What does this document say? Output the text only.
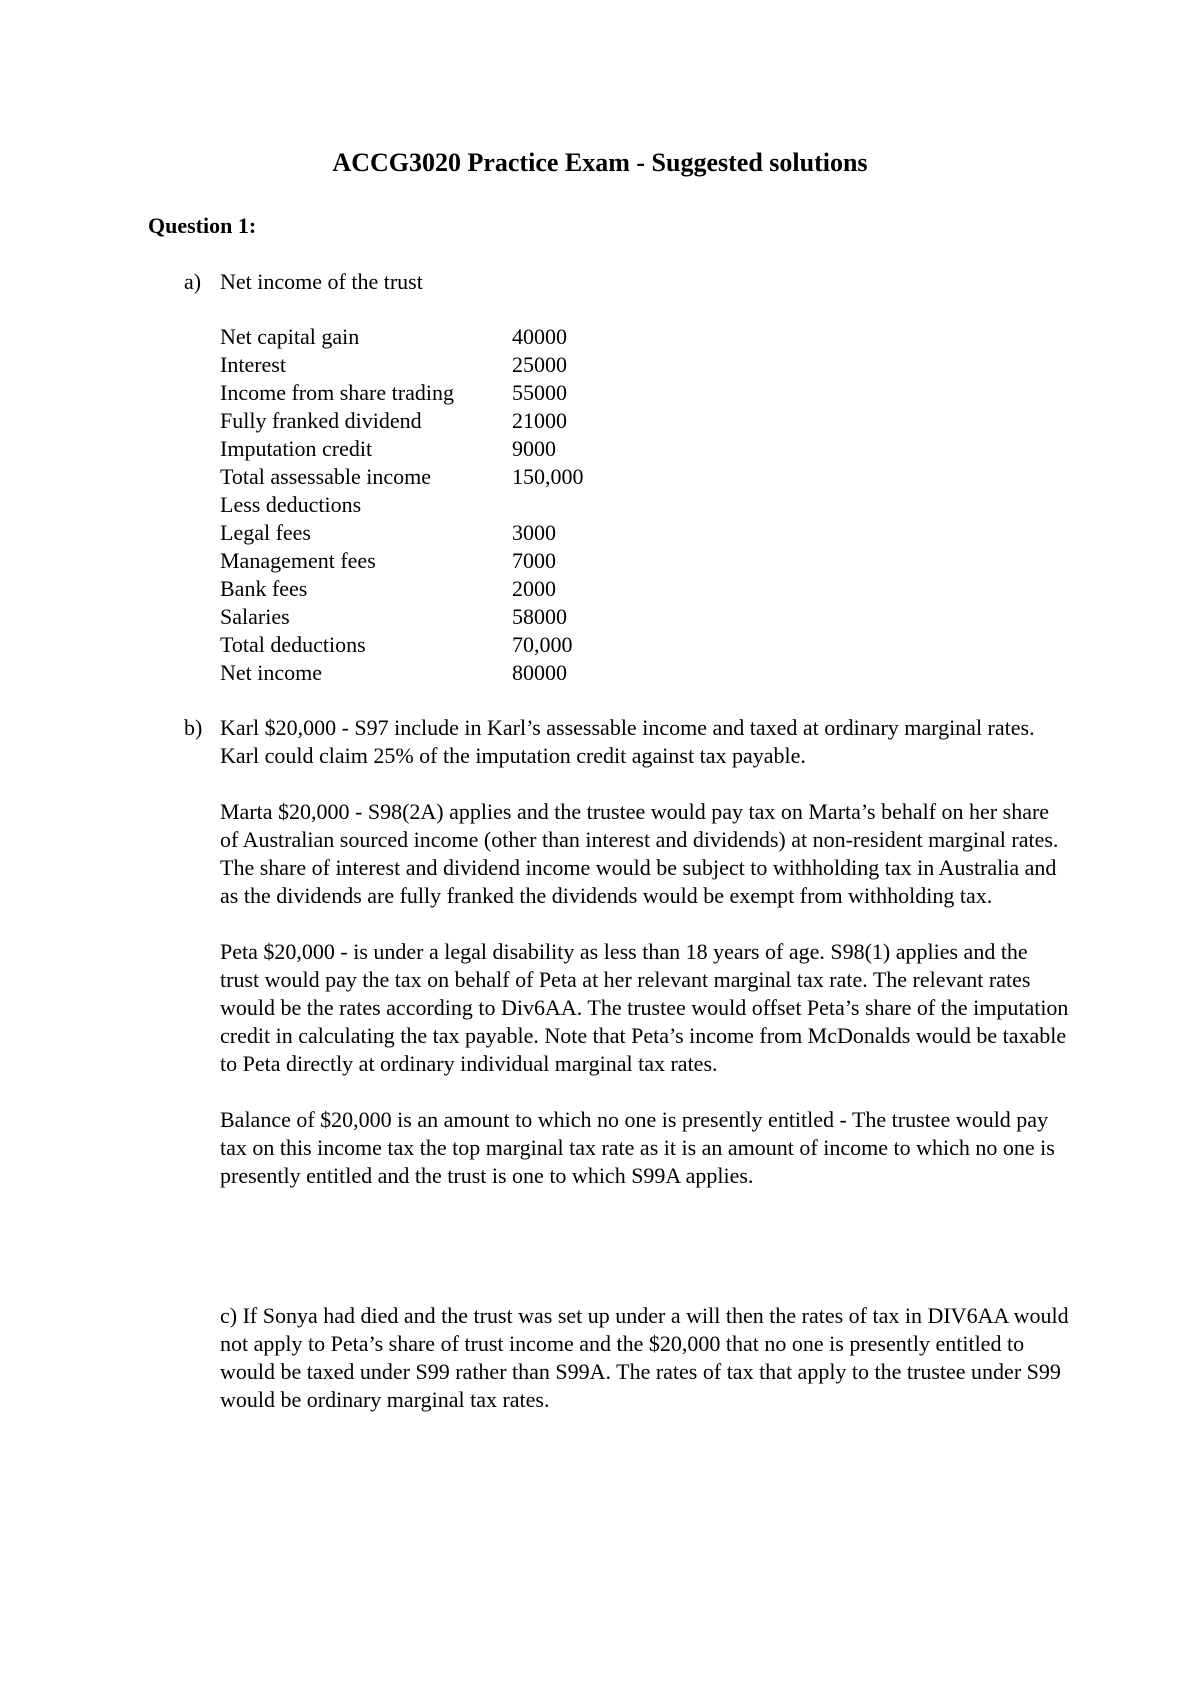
ACCG3020 Practice Exam - Suggested solutions
Question 1:
a) Net income of the trust
Net capital gain	40000
Interest	25000
Income from share trading	55000
Fully franked dividend	21000
Imputation credit	9000
Total assessable income	150,000
Less deductions	
Legal fees	3000
Management fees	7000
Bank fees	2000
Salaries	58000
Total deductions	70,000
Net income	80000
b) Karl $20,000 - S97 include in Karl’s assessable income and taxed at ordinary marginal rates. Karl could claim 25% of the imputation credit against tax payable.

Marta $20,000 - S98(2A) applies and the trustee would pay tax on Marta’s behalf on her share of Australian sourced income (other than interest and dividends) at non-resident marginal rates. The share of interest and dividend income would be subject to withholding tax in Australia and as the dividends are fully franked the dividends would be exempt from withholding tax.

Peta $20,000 - is under a legal disability as less than 18 years of age. S98(1) applies and the trust would pay the tax on behalf of Peta at her relevant marginal tax rate. The relevant rates would be the rates according to Div6AA. The trustee would offset Peta’s share of the imputation credit in calculating the tax payable. Note that Peta’s income from McDonalds would be taxable to Peta directly at ordinary individual marginal tax rates.

Balance of $20,000 is an amount to which no one is presently entitled - The trustee would pay tax on this income tax the top marginal tax rate as it is an amount of income to which no one is presently entitled and the trust is one to which S99A applies.

c) If Sonya had died and the trust was set up under a will then the rates of tax in DIV6AA would not apply to Peta’s share of trust income and the $20,000 that no one is presently entitled to would be taxed under S99 rather than S99A. The rates of tax that apply to the trustee under S99 would be ordinary marginal tax rates.
